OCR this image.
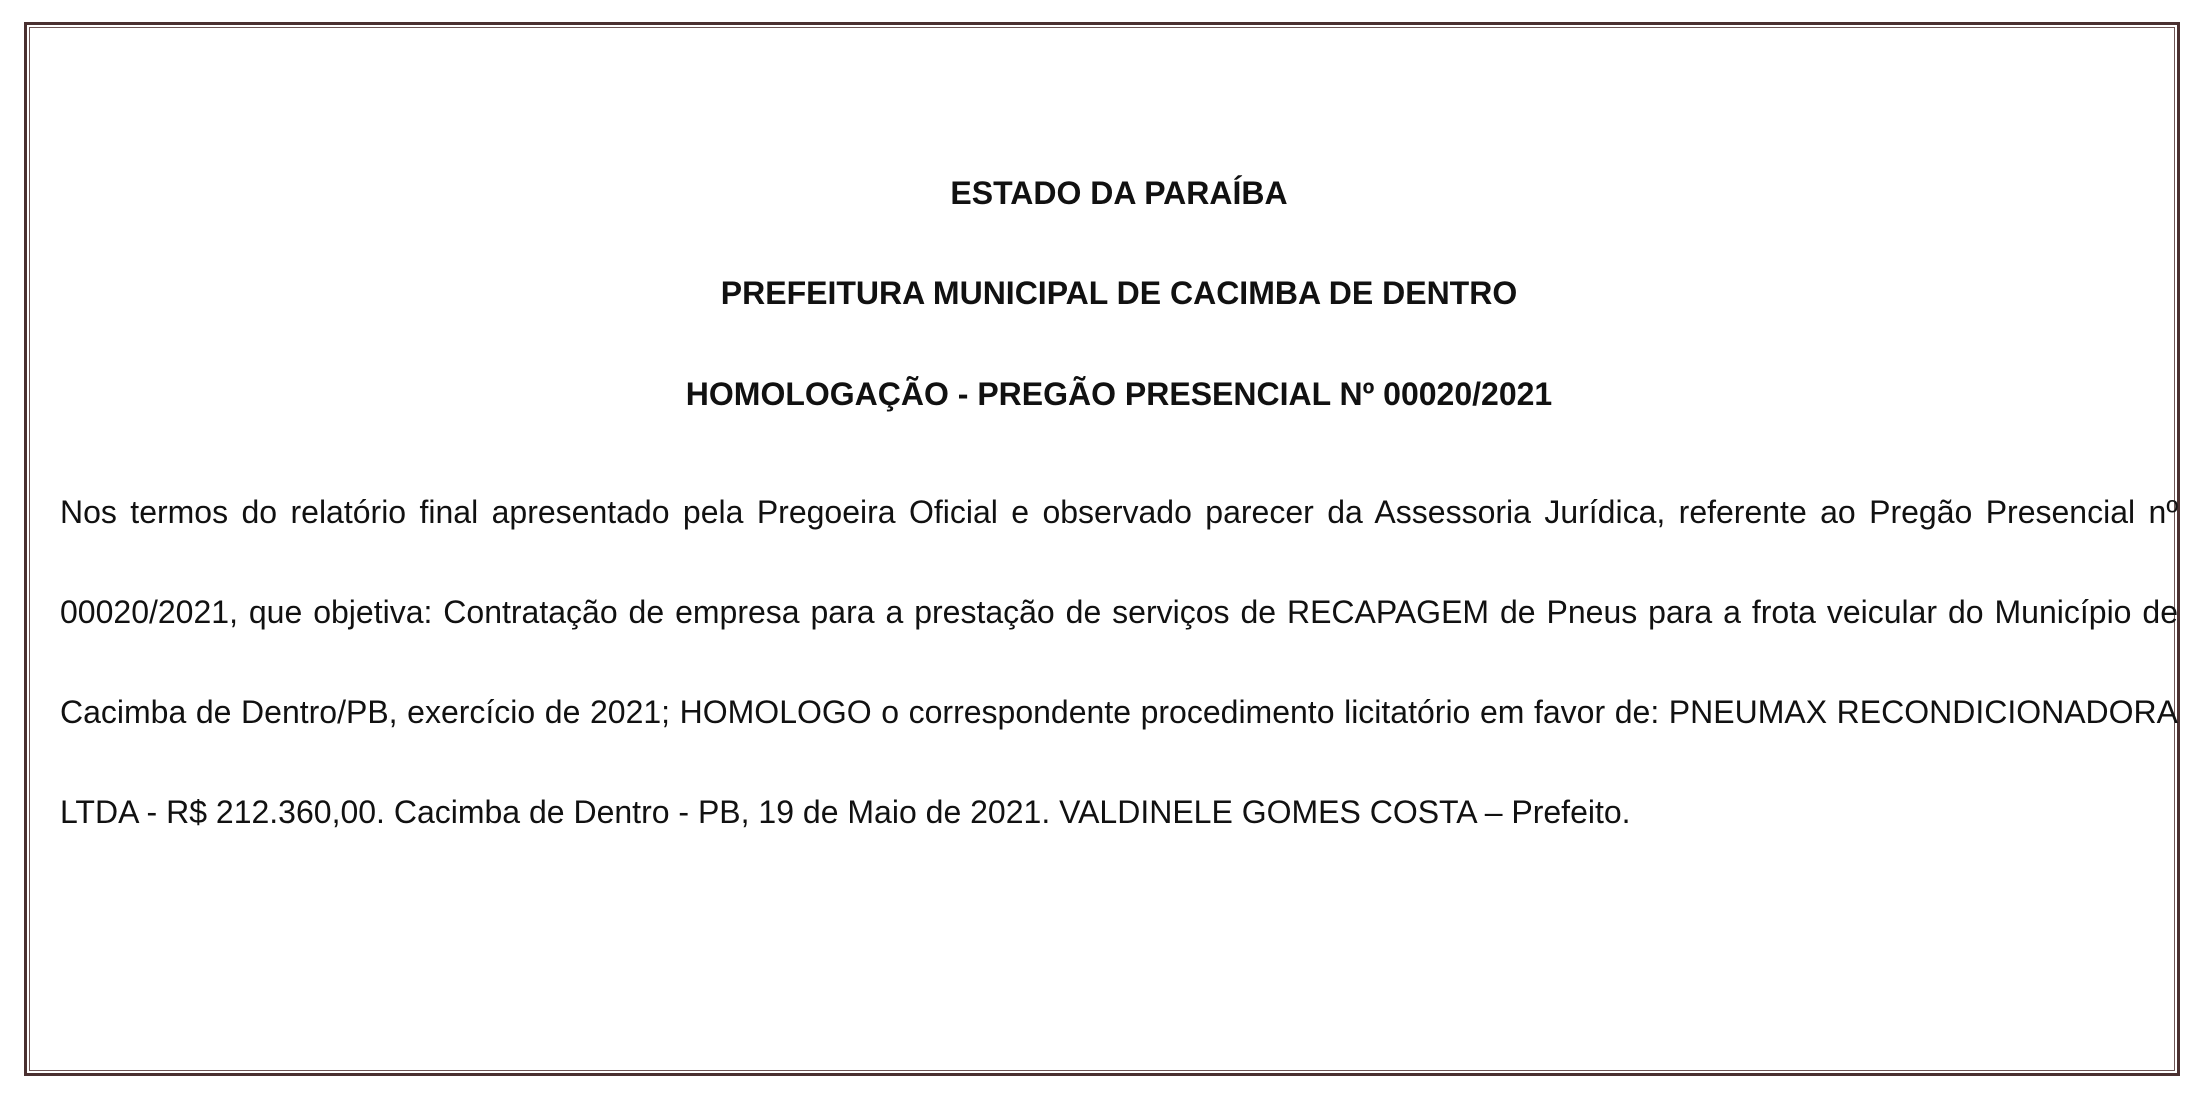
ESTADO DA PARAÍBA

PREFEITURA MUNICIPAL DE CACIMBA DE DENTRO

HOMOLOGAÇÃO - PREGÃO PRESENCIAL Nº 00020/2021

Nos termos do relatório final apresentado pela Pregoeira Oficial e observado parecer da Assessoria Jurídica, referente ao Pregão Presencial nº 00020/2021, que objetiva: Contratação de empresa para a prestação de serviços de RECAPAGEM de Pneus para a frota veicular do Município de Cacimba de Dentro/PB, exercício de 2021; HOMOLOGO o correspondente procedimento licitatório em favor de: PNEUMAX RECONDICIONADORA LTDA - R$ 212.360,00. Cacimba de Dentro - PB, 19 de Maio de 2021. VALDINELE GOMES COSTA – Prefeito.
